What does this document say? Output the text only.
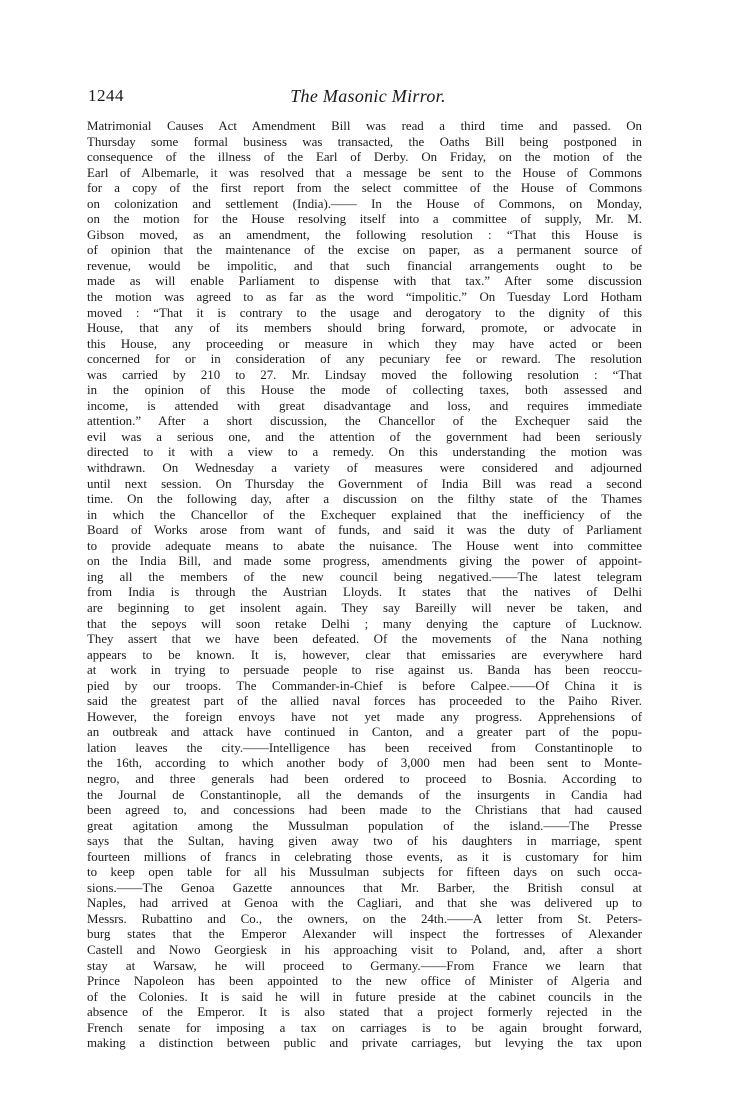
1244	The Masonic Mirror.
Matrimonial Causes Act Amendment Bill was read a third time and passed. On
Thursday some formal business was transacted, the Oaths Bill being postponed in
consequence of the illness of the Earl of Derby. On Friday, on the motion of the
Earl of Albemarle, it was resolved that a message be sent to the House of Commons
for a copy of the first report from the select committee of the House of Commons
on colonization and settlement (India).—— In the House of Commons, on Monday,
on the motion for the House resolving itself into a committee of supply, Mr. M.
Gibson moved, as an amendment, the following resolution : “That this House is
of opinion that the maintenance of the excise on paper, as a permanent source of
revenue, would be impolitic, and that such financial arrangements ought to be
made as will enable Parliament to dispense with that tax.” After some discussion
the motion was agreed to as far as the word “impolitic.” On Tuesday Lord Hotham
moved : “That it is contrary to the usage and derogatory to the dignity of this
House, that any of its members should bring forward, promote, or advocate in
this House, any proceeding or measure in which they may have acted or been
concerned for or in consideration of any pecuniary fee or reward. The resolution
was carried by 210 to 27. Mr. Lindsay moved the following resolution : “That
in the opinion of this House the mode of collecting taxes, both assessed and
income, is attended with great disadvantage and loss, and requires immediate
attention.” After a short discussion, the Chancellor of the Exchequer said the
evil was a serious one, and the attention of the government had been seriously
directed to it with a view to a remedy. On this understanding the motion was
withdrawn. On Wednesday a variety of measures were considered and adjourned
until next session. On Thursday the Government of India Bill was read a second
time. On the following day, after a discussion on the filthy state of the Thames
in which the Chancellor of the Exchequer explained that the inefficiency of the
Board of Works arose from want of funds, and said it was the duty of Parliament
to provide adequate means to abate the nuisance. The House went into committee
on the India Bill, and made some progress, amendments giving the power of appoint-
ing all the members of the new council being negatived.——The latest telegram
from India is through the Austrian Lloyds. It states that the natives of Delhi
are beginning to get insolent again. They say Bareilly will never be taken, and
that the sepoys will soon retake Delhi ; many denying the capture of Lucknow.
They assert that we have been defeated. Of the movements of the Nana nothing
appears to be known. It is, however, clear that emissaries are everywhere hard
at work in trying to persuade people to rise against us. Banda has been reoccu-
pied by our troops. The Commander-in-Chief is before Calpee.——Of China it is
said the greatest part of the allied naval forces has proceeded to the Paiho River.
However, the foreign envoys have not yet made any progress. Apprehensions of
an outbreak and attack have continued in Canton, and a greater part of the popu-
lation leaves the city.——Intelligence has been received from Constantinople to
the 16th, according to which another body of 3,000 men had been sent to Monte-
negro, and three generals had been ordered to proceed to Bosnia. According to
the Journal de Constantinople, all the demands of the insurgents in Candia had
been agreed to, and concessions had been made to the Christians that had caused
great agitation among the Mussulman population of the island.——The Presse
says that the Sultan, having given away two of his daughters in marriage, spent
fourteen millions of francs in celebrating those events, as it is customary for him
to keep open table for all his Mussulman subjects for fifteen days on such occa-
sions.——The Genoa Gazette announces that Mr. Barber, the British consul at
Naples, had arrived at Genoa with the Cagliari, and that she was delivered up to
Messrs. Rubattino and Co., the owners, on the 24th.——A letter from St. Peters-
burg states that the Emperor Alexander will inspect the fortresses of Alexander
Castell and Nowo Georgiesk in his approaching visit to Poland, and, after a short
stay at Warsaw, he will proceed to Germany.——From France we learn that
Prince Napoleon has been appointed to the new office of Minister of Algeria and
of the Colonies. It is said he will in future preside at the cabinet councils in the
absence of the Emperor. It is also stated that a project formerly rejected in the
French senate for imposing a tax on carriages is to be again brought forward,
making a distinction between public and private carriages, but levying the tax upon
